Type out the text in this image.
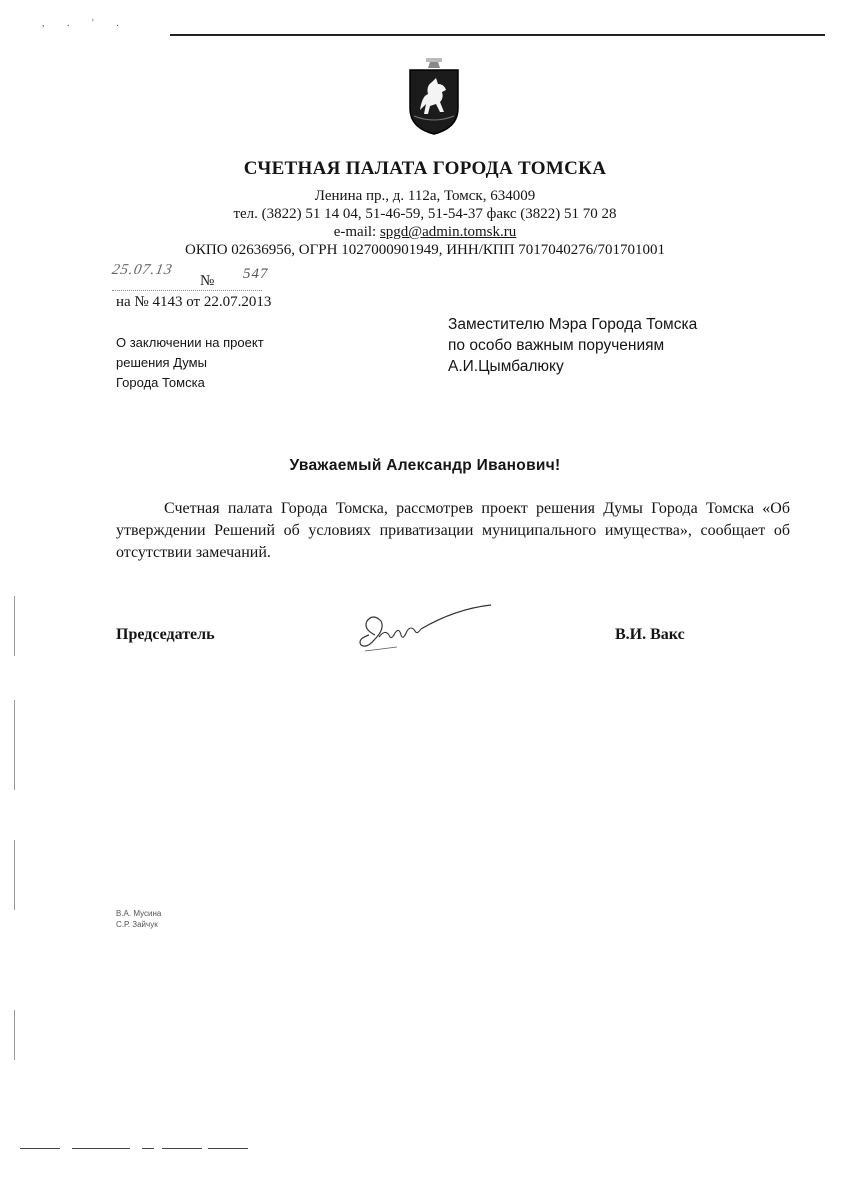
, . ' .
СЧЕТНАЯ ПАЛАТА ГОРОДА ТОМСКА
Ленина пр., д. 112а, Томск, 634009
тел. (3822) 51 14 04, 51-46-59, 51-54-37 факс (3822) 51 70 28
e-mail: spgd@admin.tomsk.ru
ОКПО 02636956, ОГРН 1027000901949, ИНН/КПП 7017040276/701701001
25.07.13
№ 547
на № 4143 от 22.07.2013
О заключении на проект
решения Думы
Города Томска
Заместителю Мэра Города Томска
по особо важным поручениям
А.И.Цымбалюку
Уважаемый Александр Иванович!
Счетная палата Города Томска, рассмотрев проект решения Думы Города Томска «Об утверждении Решений об условиях приватизации муниципального имущества», сообщает об отсутствии замечаний.
Председатель	В.И. Вакс
В.А. Мусина
С.Р. Зайчук
